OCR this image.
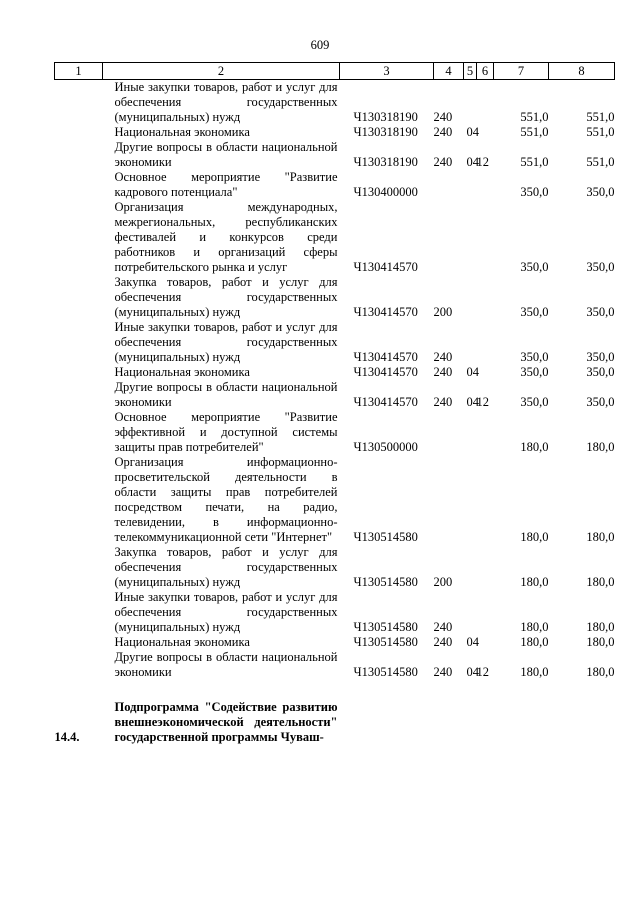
609
1	2	3	4	5	6	7	8
	Иные закупки товаров, работ и услуг для обеспечения государственных (муниципальных) нужд	Ч130318190	240			551,0	551,0
	Национальная экономика	Ч130318190	240	04		551,0	551,0
	Другие вопросы в области национальной экономики	Ч130318190	240	04	12	551,0	551,0
	Основное мероприятие "Развитие кадрового потенциала"	Ч130400000				350,0	350,0
	Организация международных, межрегиональных, республиканских фестивалей и конкурсов среди работников и организаций сферы потребительского рынка и услуг	Ч130414570				350,0	350,0
	Закупка товаров, работ и услуг для обеспечения государственных (муниципальных) нужд	Ч130414570	200			350,0	350,0
	Иные закупки товаров, работ и услуг для обеспечения государственных (муниципальных) нужд	Ч130414570	240			350,0	350,0
	Национальная экономика	Ч130414570	240	04		350,0	350,0
	Другие вопросы в области национальной экономики	Ч130414570	240	04	12	350,0	350,0
	Основное мероприятие "Развитие эффективной и доступной системы защиты прав потребителей"	Ч130500000				180,0	180,0
	Организация информационно-просветительской деятельности в области защиты прав потребителей посредством печати, на радио, телевидении, в информационно-телекоммуникационной сети "Интернет"	Ч130514580				180,0	180,0
	Закупка товаров, работ и услуг для обеспечения государственных (муниципальных) нужд	Ч130514580	200			180,0	180,0
	Иные закупки товаров, работ и услуг для обеспечения государственных (муниципальных) нужд	Ч130514580	240			180,0	180,0
	Национальная экономика	Ч130514580	240	04		180,0	180,0
	Другие вопросы в области национальной экономики	Ч130514580	240	04	12	180,0	180,0

14.4.	Подпрограмма "Содействие развитию внешнеэкономической деятельности" государственной программы Чуваш-						
